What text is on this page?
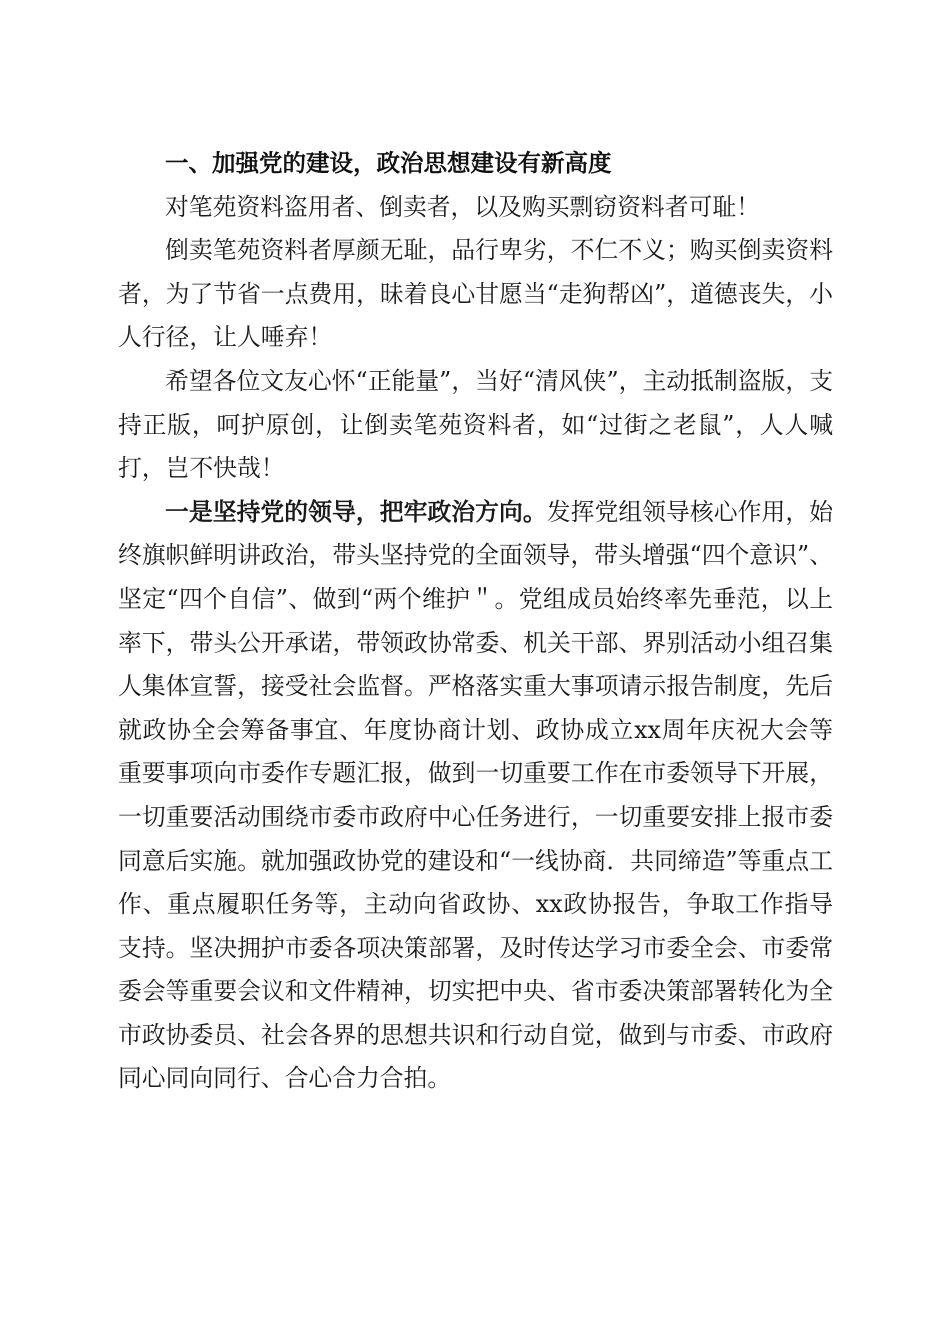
一、加强党的建设，政治思想建设有新高度

对笔苑资料盗用者、倒卖者，以及购买剽窃资料者可耻！

倒卖笔苑资料者厚颜无耻，品行卑劣，不仁不义；购买倒卖资料者，为了节省一点费用，昧着良心甘愿当“走狗帮凶”，道德丧失，小人行径，让人唾弃！

希望各位文友心怀“正能量”，当好“清风侠”，主动抵制盗版，支持正版，呵护原创，让倒卖笔苑资料者，如“过街之老鼠”，人人喊打，岂不快哉！

一是坚持党的领导，把牢政治方向。发挥党组领导核心作用，始终旗帜鲜明讲政治，带头坚持党的全面领导，带头增强“四个意识”、坚定“四个自信”、做到“两个维护＂。党组成员始终率先垂范，以上率下，带头公开承诺，带领政协常委、机关干部、界别活动小组召集人集体宣誓，接受社会监督。严格落实重大事项请示报告制度，先后就政协全会筹备事宜、年度协商计划、政协成立xx周年庆祝大会等重要事项向市委作专题汇报，做到一切重要工作在市委领导下开展，一切重要活动围绕市委市政府中心任务进行，一切重要安排上报市委同意后实施。就加强政协党的建设和“一线协商．共同缔造”等重点工作、重点履职任务等，主动向省政协、xx政协报告，争取工作指导支持。坚决拥护市委各项决策部署，及时传达学习市委全会、市委常委会等重要会议和文件精神，切实把中央、省市委决策部署转化为全市政协委员、社会各界的思想共识和行动自觉，做到与市委、市政府同心同向同行、合心合力合拍。
